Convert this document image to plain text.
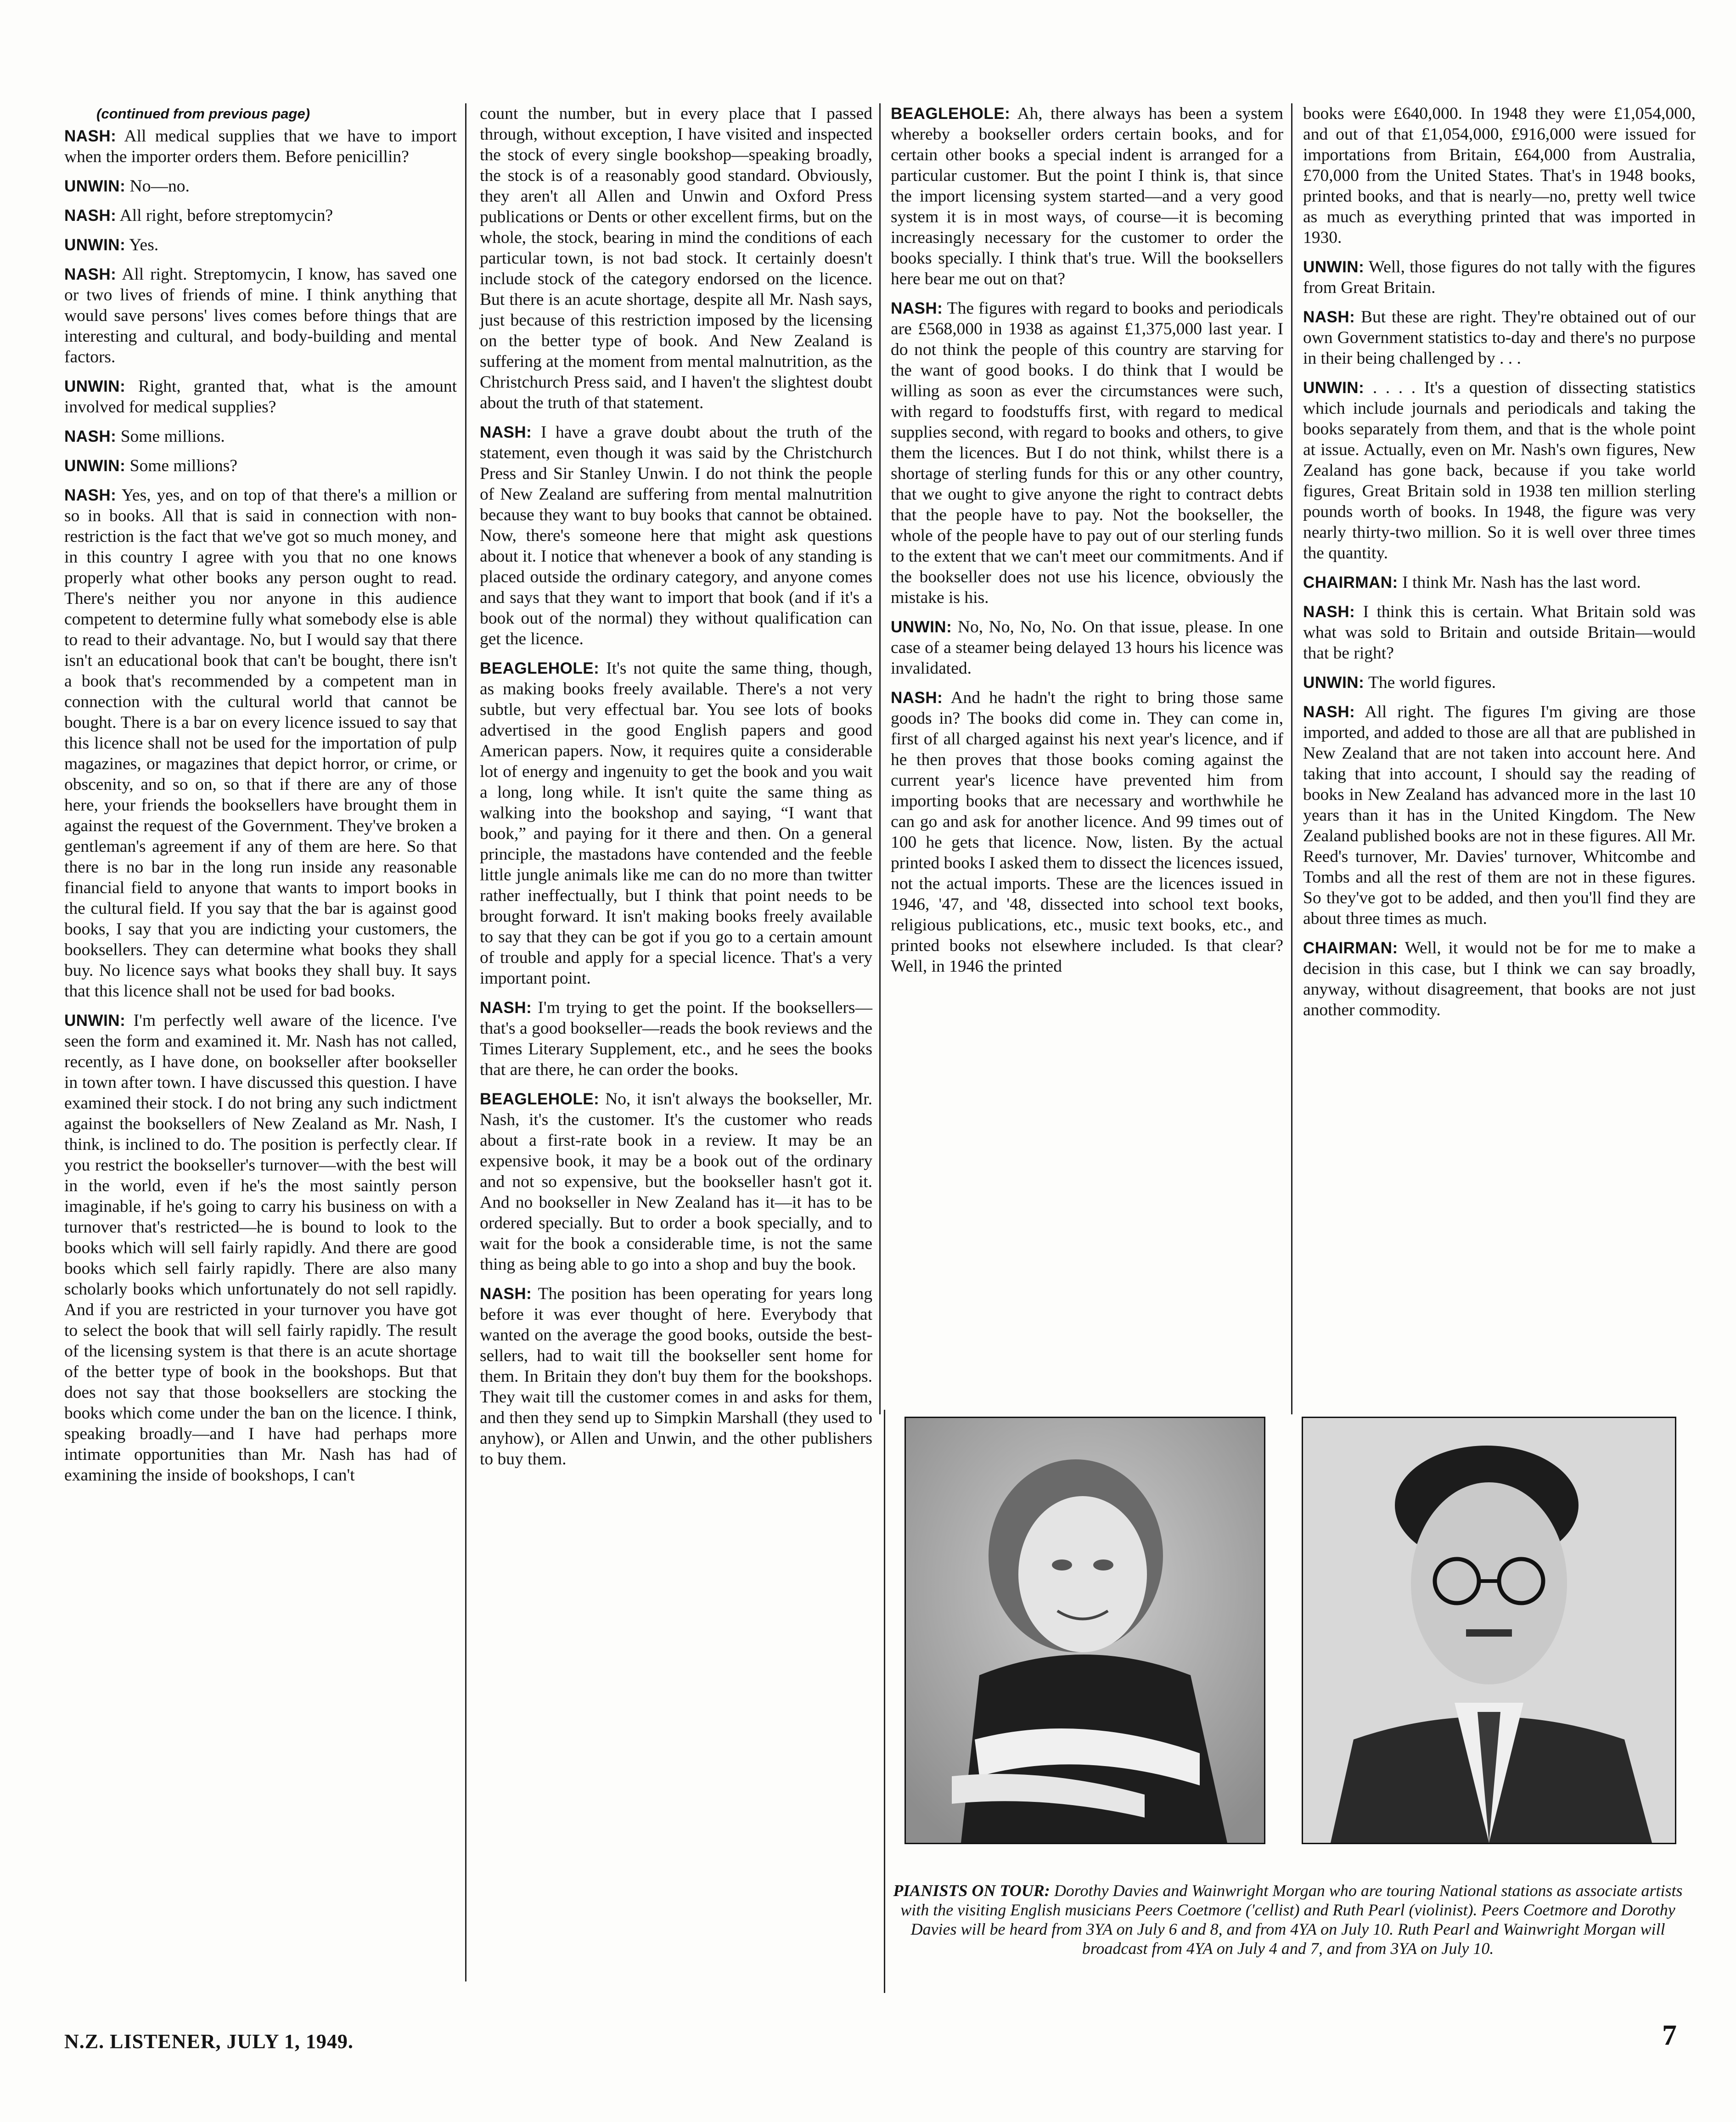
(continued from previous page)

NASH: All medical supplies that we have to import when the importer orders them. Before penicillin?

UNWIN: No—no.

NASH: All right, before streptomycin?

UNWIN: Yes.

NASH: All right. Streptomycin, I know, has saved one or two lives of friends of mine. I think anything that would save persons' lives comes before things that are interesting and cultural, and body-building and mental factors.

UNWIN: Right, granted that, what is the amount involved for medical supplies?

NASH: Some millions.

UNWIN: Some millions?

NASH: Yes, yes, and on top of that there's a million or so in books. All that is said in connection with non-restriction is the fact that we've got so much money, and in this country I agree with you that no one knows properly what other books any person ought to read. There's neither you nor anyone in this audience competent to determine fully what somebody else is able to read to their advantage. No, but I would say that there isn't an educational book that can't be bought, there isn't a book that's recommended by a competent man in connection with the cultural world that cannot be bought. There is a bar on every licence issued to say that this licence shall not be used for the importation of pulp magazines, or magazines that depict horror, or crime, or obscenity, and so on, so that if there are any of those here, your friends the booksellers have brought them in against the request of the Government. They've broken a gentleman's agreement if any of them are here. So that there is no bar in the long run inside any reasonable financial field to anyone that wants to import books in the cultural field. If you say that the bar is against good books, I say that you are indicting your customers, the booksellers. They can determine what books they shall buy. No licence says what books they shall buy. It says that this licence shall not be used for bad books.

UNWIN: I'm perfectly well aware of the licence. I've seen the form and examined it. Mr. Nash has not called, recently, as I have done, on bookseller after bookseller in town after town. I have discussed this question. I have examined their stock. I do not bring any such indictment against the booksellers of New Zealand as Mr. Nash, I think, is inclined to do. The position is perfectly clear. If you restrict the bookseller's turnover—with the best will in the world, even if he's the most saintly person imaginable, if he's going to carry his business on with a turnover that's restricted—he is bound to look to the books which will sell fairly rapidly. And there are good books which sell fairly rapidly. There are also many scholarly books which unfortunately do not sell rapidly. And if you are restricted in your turnover you have got to select the book that will sell fairly rapidly. The result of the licensing system is that there is an acute shortage of the better type of book in the bookshops. But that does not say that those booksellers are stocking the books which come under the ban on the licence. I think, speaking broadly—and I have had perhaps more intimate opportunities than Mr. Nash has had of examining the inside of bookshops, I can't

count the number, but in every place that I passed through, without exception, I have visited and inspected the stock of every single bookshop—speaking broadly, the stock is of a reasonably good standard. Obviously, they aren't all Allen and Unwin and Oxford Press publications or Dents or other excellent firms, but on the whole, the stock, bearing in mind the conditions of each particular town, is not bad stock. It certainly doesn't include stock of the category endorsed on the licence. But there is an acute shortage, despite all Mr. Nash says, just because of this restriction imposed by the licensing on the better type of book. And New Zealand is suffering at the moment from mental malnutrition, as the Christchurch Press said, and I haven't the slightest doubt about the truth of that statement.

NASH: I have a grave doubt about the truth of the statement, even though it was said by the Christchurch Press and Sir Stanley Unwin. I do not think the people of New Zealand are suffering from mental malnutrition because they want to buy books that cannot be obtained. Now, there's someone here that might ask questions about it. I notice that whenever a book of any standing is placed outside the ordinary category, and anyone comes and says that they want to import that book (and if it's a book out of the normal) they without qualification can get the licence.

BEAGLEHOLE: It's not quite the same thing, though, as making books freely available. There's a not very subtle, but very effectual bar. You see lots of books advertised in the good English papers and good American papers. Now, it requires quite a considerable lot of energy and ingenuity to get the book and you wait a long, long while. It isn't quite the same thing as walking into the bookshop and saying, “I want that book,” and paying for it there and then. On a general principle, the mastadons have contended and the feeble little jungle animals like me can do no more than twitter rather ineffectually, but I think that point needs to be brought forward. It isn't making books freely available to say that they can be got if you go to a certain amount of trouble and apply for a special licence. That's a very important point.

NASH: I'm trying to get the point. If the booksellers—that's a good bookseller—reads the book reviews and the Times Literary Supplement, etc., and he sees the books that are there, he can order the books.

BEAGLEHOLE: No, it isn't always the bookseller, Mr. Nash, it's the customer. It's the customer who reads about a first-rate book in a review. It may be an expensive book, it may be a book out of the ordinary and not so expensive, but the bookseller hasn't got it. And no bookseller in New Zealand has it—it has to be ordered specially. But to order a book specially, and to wait for the book a considerable time, is not the same thing as being able to go into a shop and buy the book.

NASH: The position has been operating for years long before it was ever thought of here. Everybody that wanted on the average the good books, outside the best-sellers, had to wait till the bookseller sent home for them. In Britain they don't buy them for the bookshops. They wait till the customer comes in and asks for them, and then they send up to Simpkin Marshall (they used to anyhow), or Allen and Unwin, and the other publishers to buy them.

BEAGLEHOLE: Ah, there always has been a system whereby a bookseller orders certain books, and for certain other books a special indent is arranged for a particular customer. But the point I think is, that since the import licensing system started—and a very good system it is in most ways, of course—it is becoming increasingly necessary for the customer to order the books specially. I think that's true. Will the booksellers here bear me out on that?

NASH: The figures with regard to books and periodicals are £568,000 in 1938 as against £1,375,000 last year. I do not think the people of this country are starving for the want of good books. I do think that I would be willing as soon as ever the circumstances were such, with regard to foodstuffs first, with regard to medical supplies second, with regard to books and others, to give them the licences. But I do not think, whilst there is a shortage of sterling funds for this or any other country, that we ought to give anyone the right to contract debts that the people have to pay. Not the bookseller, the whole of the people have to pay out of our sterling funds to the extent that we can't meet our commitments. And if the bookseller does not use his licence, obviously the mistake is his.

UNWIN: No, No, No, No. On that issue, please. In one case of a steamer being delayed 13 hours his licence was invalidated.

NASH: And he hadn't the right to bring those same goods in? The books did come in. They can come in, first of all charged against his next year's licence, and if he then proves that those books coming against the current year's licence have prevented him from importing books that are necessary and worthwhile he can go and ask for another licence. And 99 times out of 100 he gets that licence. Now, listen. By the actual printed books I asked them to dissect the licences issued, not the actual imports. These are the licences issued in 1946, '47, and '48, dissected into school text books, religious publications, etc., music text books, etc., and printed books not elsewhere included. Is that clear? Well, in 1946 the printed

books were £640,000. In 1948 they were £1,054,000, and out of that £1,054,000, £916,000 were issued for importations from Britain, £64,000 from Australia, £70,000 from the United States. That's in 1948 books, printed books, and that is nearly—no, pretty well twice as much as everything printed that was imported in 1930.

UNWIN: Well, those figures do not tally with the figures from Great Britain.

NASH: But these are right. They're obtained out of our own Government statistics to-day and there's no purpose in their being challenged by . . .

UNWIN: . . . . It's a question of dissecting statistics which include journals and periodicals and taking the books separately from them, and that is the whole point at issue. Actually, even on Mr. Nash's own figures, New Zealand has gone back, because if you take world figures, Great Britain sold in 1938 ten million sterling pounds worth of books. In 1948, the figure was very nearly thirty-two million. So it is well over three times the quantity.

CHAIRMAN: I think Mr. Nash has the last word.

NASH: I think this is certain. What Britain sold was what was sold to Britain and outside Britain—would that be right?

UNWIN: The world figures.

NASH: All right. The figures I'm giving are those imported, and added to those are all that are published in New Zealand that are not taken into account here. And taking that into account, I should say the reading of books in New Zealand has advanced more in the last 10 years than it has in the United Kingdom. The New Zealand published books are not in these figures. All Mr. Reed's turnover, Mr. Davies' turnover, Whitcombe and Tombs and all the rest of them are not in these figures. So they've got to be added, and then you'll find they are about three times as much.

CHAIRMAN: Well, it would not be for me to make a decision in this case, but I think we can say broadly, anyway, without disagreement, that books are not just another commodity.

PIANISTS ON TOUR: Dorothy Davies and Wainwright Morgan who are touring National stations as associate artists with the visiting English musicians Peers Coetmore ('cellist) and Ruth Pearl (violinist). Peers Coetmore and Dorothy Davies will be heard from 3YA on July 6 and 8, and from 4YA on July 10. Ruth Pearl and Wainwright Morgan will broadcast from 4YA on July 4 and 7, and from 3YA on July 10.

N.Z. LISTENER, JULY 1, 1949.	7
